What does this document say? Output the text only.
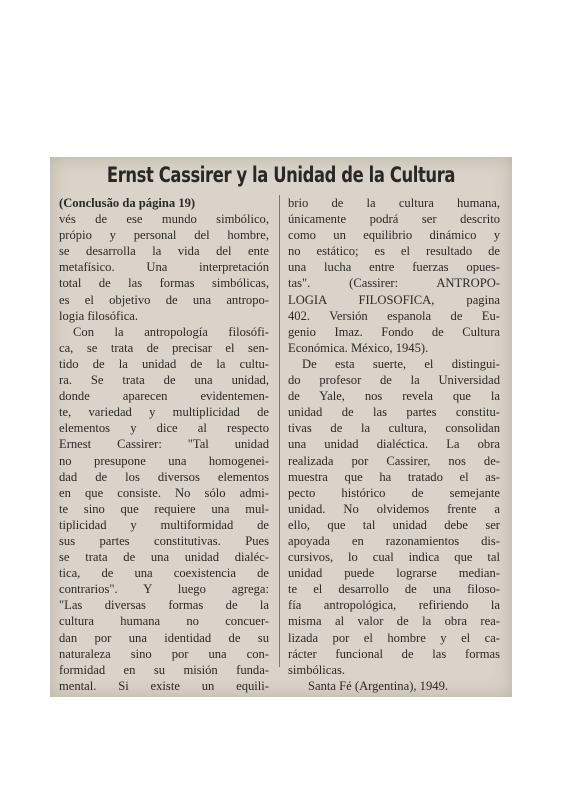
Ernst Cassirer y la Unidad de la Cultura
(Conclusão da página 19)
vés de ese mundo simbólico,
própio y personal del hombre,
se desarrolla la vida del ente
metafísico. Una interpretación
total de las formas simbólicas,
es el objetivo de una antropo-
logia filosófica.
Con la antropología filosófi-
ca, se trata de precisar el sen-
tido de la unidad de la cultu-
ra. Se trata de una unidad,
donde aparecen evidentemen-
te, variedad y multiplicidad de
elementos y dice al respecto
Ernest Cassirer: "Tal unidad
no presupone una homogenei-
dad de los diversos elementos
en que consiste. No sólo admi-
te sino que requiere una mul-
tiplicidad y multiformidad de
sus partes constitutivas. Pues
se trata de una unidad dialéc-
tica, de una coexistencia de
contrarios". Y luego agrega:
"Las diversas formas de la
cultura humana no concuer-
dan por una identidad de su
naturaleza sino por una con-
formidad en su misión funda-
mental. Si existe un equili-
brio de la cultura humana,
únicamente podrá ser descrito
como un equilibrio dinámico y
no estático; es el resultado de
una lucha entre fuerzas opues-
tas". (Cassirer: ANTROPO-
LOGIA FILOSOFICA, pagina
402. Versión espanola de Eu-
genio Imaz. Fondo de Cultura
Económica. México, 1945).
De esta suerte, el distingui-
do profesor de la Universidad
de Yale, nos revela que la
unidad de las partes constitu-
tivas de la cultura, consolidan
una unidad dialéctica. La obra
realizada por Cassirer, nos de-
muestra que ha tratado el as-
pecto histórico de semejante
unidad. No olvidemos frente a
ello, que tal unidad debe ser
apoyada en razonamientos dis-
cursivos, lo cual indica que tal
unidad puede lograrse median-
te el desarrollo de una filoso-
fía antropológica, refiriendo la
misma al valor de la obra rea-
lizada por el hombre y el ca-
rácter funcional de las formas
simbólicas.
Santa Fé (Argentina), 1949.
